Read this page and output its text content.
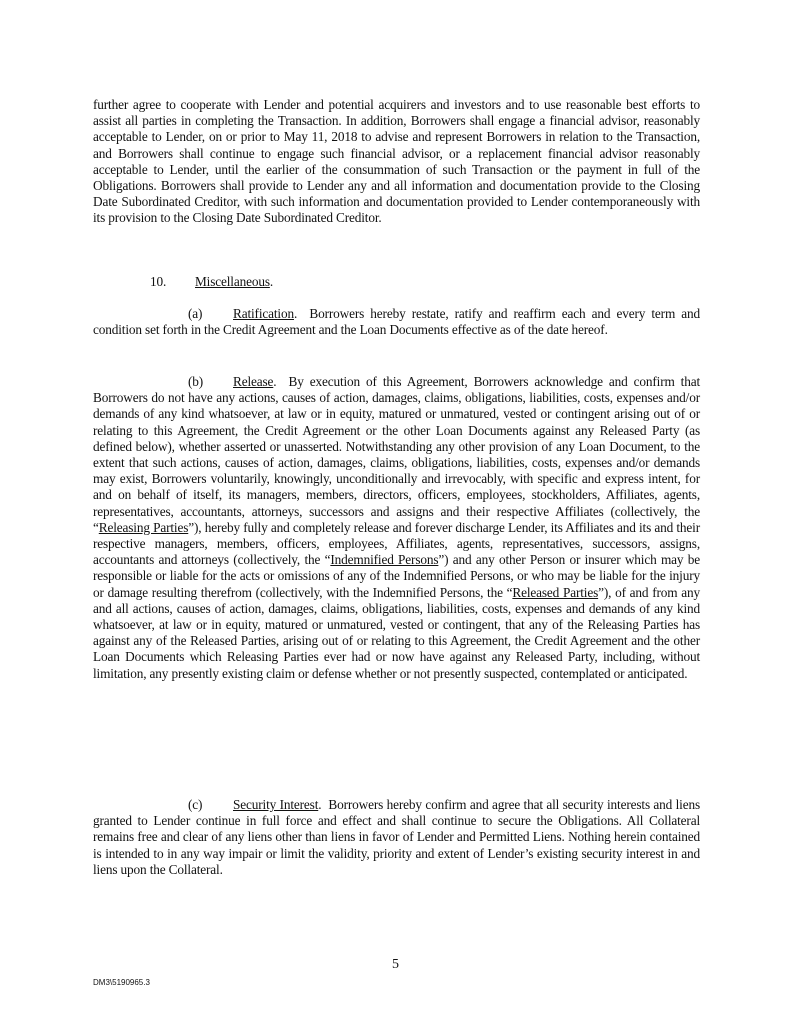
further agree to cooperate with Lender and potential acquirers and investors and to use reasonable best efforts to assist all parties in completing the Transaction. In addition, Borrowers shall engage a financial advisor, reasonably acceptable to Lender, on or prior to May 11, 2018 to advise and represent Borrowers in relation to the Transaction, and Borrowers shall continue to engage such financial advisor, or a replacement financial advisor reasonably acceptable to Lender, until the earlier of the consummation of such Transaction or the payment in full of the Obligations. Borrowers shall provide to Lender any and all information and documentation provide to the Closing Date Subordinated Creditor, with such information and documentation provided to Lender contemporaneously with its provision to the Closing Date Subordinated Creditor.

10. Miscellaneous.

(a) Ratification.  Borrowers hereby restate, ratify and reaffirm each and every term and condition set forth in the Credit Agreement and the Loan Documents effective as of the date hereof.

(b) Release.  By execution of this Agreement, Borrowers acknowledge and confirm that Borrowers do not have any actions, causes of action, damages, claims, obligations, liabilities, costs, expenses and/or demands of any kind whatsoever, at law or in equity, matured or unmatured, vested or contingent arising out of or relating to this Agreement, the Credit Agreement or the other Loan Documents against any Released Party (as defined below), whether asserted or unasserted. Notwithstanding any other provision of any Loan Document, to the extent that such actions, causes of action, damages, claims, obligations, liabilities, costs, expenses and/or demands may exist, Borrowers voluntarily, knowingly, unconditionally and irrevocably, with specific and express intent, for and on behalf of itself, its managers, members, directors, officers, employees, stockholders, Affiliates, agents, representatives, accountants, attorneys, successors and assigns and their respective Affiliates (collectively, the “Releasing Parties”), hereby fully and completely release and forever discharge Lender, its Affiliates and its and their respective managers, members, officers, employees, Affiliates, agents, representatives, successors, assigns, accountants and attorneys (collectively, the “Indemnified Persons”) and any other Person or insurer which may be responsible or liable for the acts or omissions of any of the Indemnified Persons, or who may be liable for the injury or damage resulting therefrom (collectively, with the Indemnified Persons, the “Released Parties”), of and from any and all actions, causes of action, damages, claims, obligations, liabilities, costs, expenses and demands of any kind whatsoever, at law or in equity, matured or unmatured, vested or contingent, that any of the Releasing Parties has against any of the Released Parties, arising out of or relating to this Agreement, the Credit Agreement and the other Loan Documents which Releasing Parties ever had or now have against any Released Party, including, without limitation, any presently existing claim or defense whether or not presently suspected, contemplated or anticipated.

(c) Security Interest.  Borrowers hereby confirm and agree that all security interests and liens granted to Lender continue in full force and effect and shall continue to secure the Obligations. All Collateral remains free and clear of any liens other than liens in favor of Lender and Permitted Liens. Nothing herein contained is intended to in any way impair or limit the validity, priority and extent of Lender’s existing security interest in and liens upon the Collateral.

5
DM3\5190965.3
